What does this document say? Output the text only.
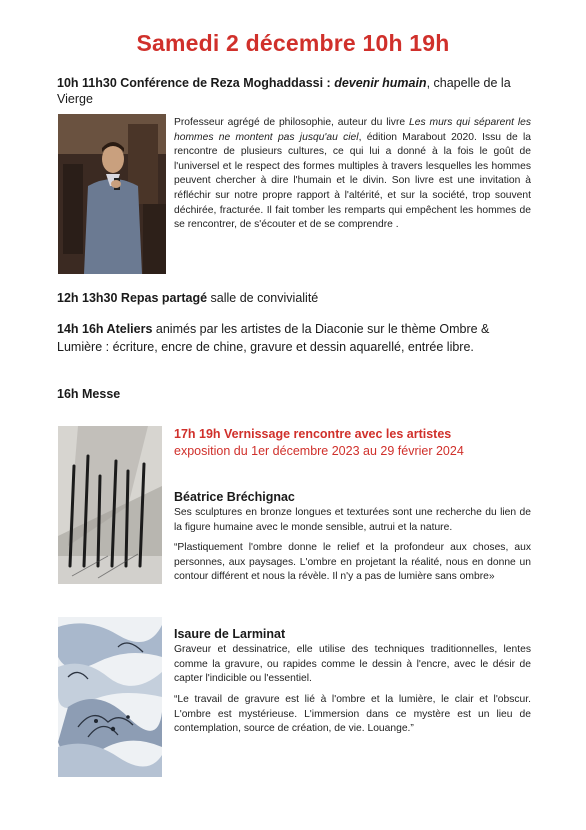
Samedi 2 décembre 10h 19h
10h 11h30 Conférence de Reza Moghaddassi : devenir humain, chapelle de la Vierge
Professeur agrégé de philosophie, auteur du livre Les murs qui séparent les hommes ne montent pas jusqu'au ciel, édition Marabout 2020. Issu de la rencontre de plusieurs cultures, ce qui lui a donné à la fois le goût de l'universel et le respect des formes multiples à travers lesquelles les hommes peuvent chercher à dire l'humain et le divin. Son livre est une invitation à réfléchir sur notre propre rapport à l'altérité, et sur la société, trop souvent déchirée, fracturée. Il fait tomber les remparts qui empêchent les hommes de se rencontrer, de s'écouter et de se comprendre .
12h 13h30 Repas partagé salle de convivialité
14h 16h Ateliers animés par les artistes de la Diaconie sur le thème Ombre & Lumière : écriture, encre de chine, gravure et dessin aquarellé, entrée libre.
16h Messe
17h 19h Vernissage rencontre avec les artistes
exposition du 1er décembre 2023 au 29 février 2024
Béatrice Bréchignac
Ses sculptures en bronze longues et texturées sont une recherche du lien de la figure humaine avec le monde sensible, autrui et la nature.
“Plastiquement l'ombre donne le relief et la profondeur aux choses, aux personnes, aux paysages. L'ombre en projetant la réalité, nous en donne un contour différent et nous la révèle. Il n'y a pas de lumière sans ombre»
Isaure de Larminat
Graveur et dessinatrice, elle utilise des techniques traditionnelles, lentes comme la gravure, ou rapides comme le dessin à l'encre, avec le désir de capter l'indicible ou l'essentiel.
“Le travail de gravure est lié à l'ombre et la lumière, le clair et l'obscur. L'ombre est mystérieuse. L'immersion dans ce mystère est un lieu de contemplation, source de création, de vie. Louange.”
